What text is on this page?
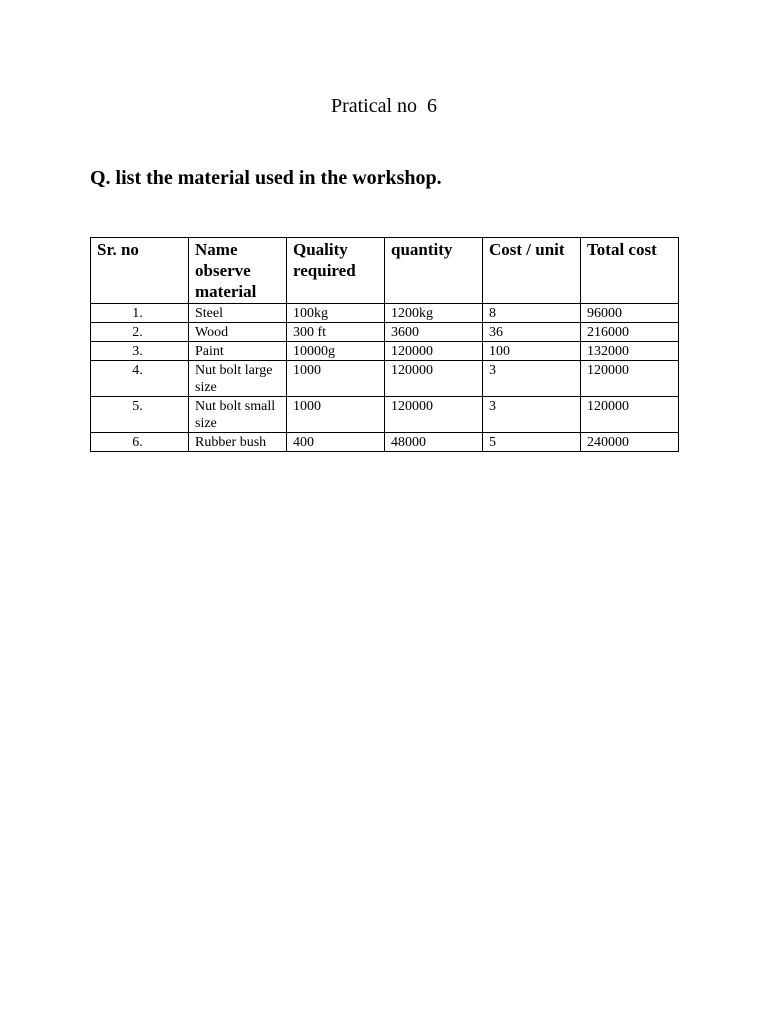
Pratical no  6
Q. list the material used in the workshop.
Sr. no	Name observe material	Quality required	quantity	Cost / unit	Total cost
1.	Steel	100kg	1200kg	8	96000
2.	Wood	300 ft	3600	36	216000
3.	Paint	10000g	120000	100	132000
4.	Nut bolt large size	1000	120000	3	120000
5.	Nut bolt small size	1000	120000	3	120000
6.	Rubber bush	400	48000	5	240000
